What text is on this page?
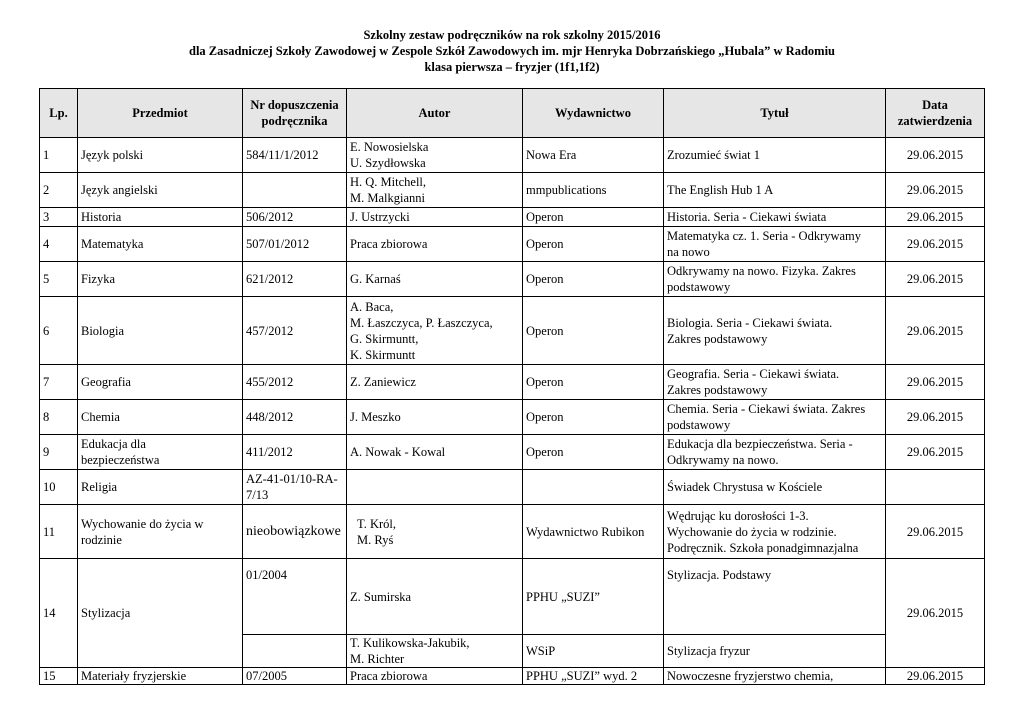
Szkolny zestaw podręczników na rok szkolny 2015/2016
dla Zasadniczej Szkoły Zawodowej w Zespole Szkół Zawodowych im. mjr Henryka Dobrzańskiego „Hubala” w Radomiu
klasa pierwsza – fryzjer (1f1,1f2)
Lp.	Przedmiot	Nr dopuszczenia
podręcznika	Autor	Wydawnictwo	Tytuł	Data
zatwierdzenia
1	Język polski	584/11/1/2012	E. Nowosielska
U. Szydłowska	Nowa Era	Zrozumieć świat 1	29.06.2015
2	Język angielski		H. Q. Mitchell,
M. Malkgianni	mmpublications	The English Hub 1 A	29.06.2015
3	Historia	506/2012	J. Ustrzycki	Operon	Historia. Seria - Ciekawi świata	29.06.2015
4	Matematyka	507/01/2012	Praca zbiorowa	Operon	Matematyka cz. 1. Seria - Odkrywamy
na nowo	29.06.2015
5	Fizyka	621/2012	G. Karnaś	Operon	Odkrywamy na nowo. Fizyka. Zakres
podstawowy	29.06.2015
6	Biologia	457/2012	A. Baca,
M. Łaszczyca, P. Łaszczyca,
G. Skirmuntt,
K. Skirmuntt	Operon	Biologia. Seria - Ciekawi świata.
Zakres podstawowy	29.06.2015
7	Geografia	455/2012	Z. Zaniewicz	Operon	Geografia. Seria - Ciekawi świata.
Zakres podstawowy	29.06.2015
8	Chemia	448/2012	J. Meszko	Operon	Chemia. Seria - Ciekawi świata. Zakres
podstawowy	29.06.2015
9	Edukacja dla
bezpieczeństwa	411/2012	A. Nowak - Kowal	Operon	Edukacja dla bezpieczeństwa. Seria -
Odkrywamy na nowo.	29.06.2015
10	Religia	AZ-41-01/10-RA-
7/13			Świadek Chrystusa w Kościele	
11	Wychowanie do życia w
rodzinie	nieobowiązkowe	T. Król,
M. Ryś	Wydawnictwo Rubikon	Wędrując ku dorosłości 1-3.
Wychowanie do życia w rodzinie.
Podręcznik. Szkoła ponadgimnazjalna	29.06.2015
14	Stylizacja	01/2004	Z. Sumirska	PPHU „SUZI”	Stylizacja. Podstawy	29.06.2015
			T. Kulikowska-Jakubik,
M. Richter	WSiP	Stylizacja fryzur	
15	Materiały fryzjerskie	07/2005	Praca zbiorowa	PPHU „SUZI” wyd. 2	Nowoczesne fryzjerstwo chemia,	29.06.2015
